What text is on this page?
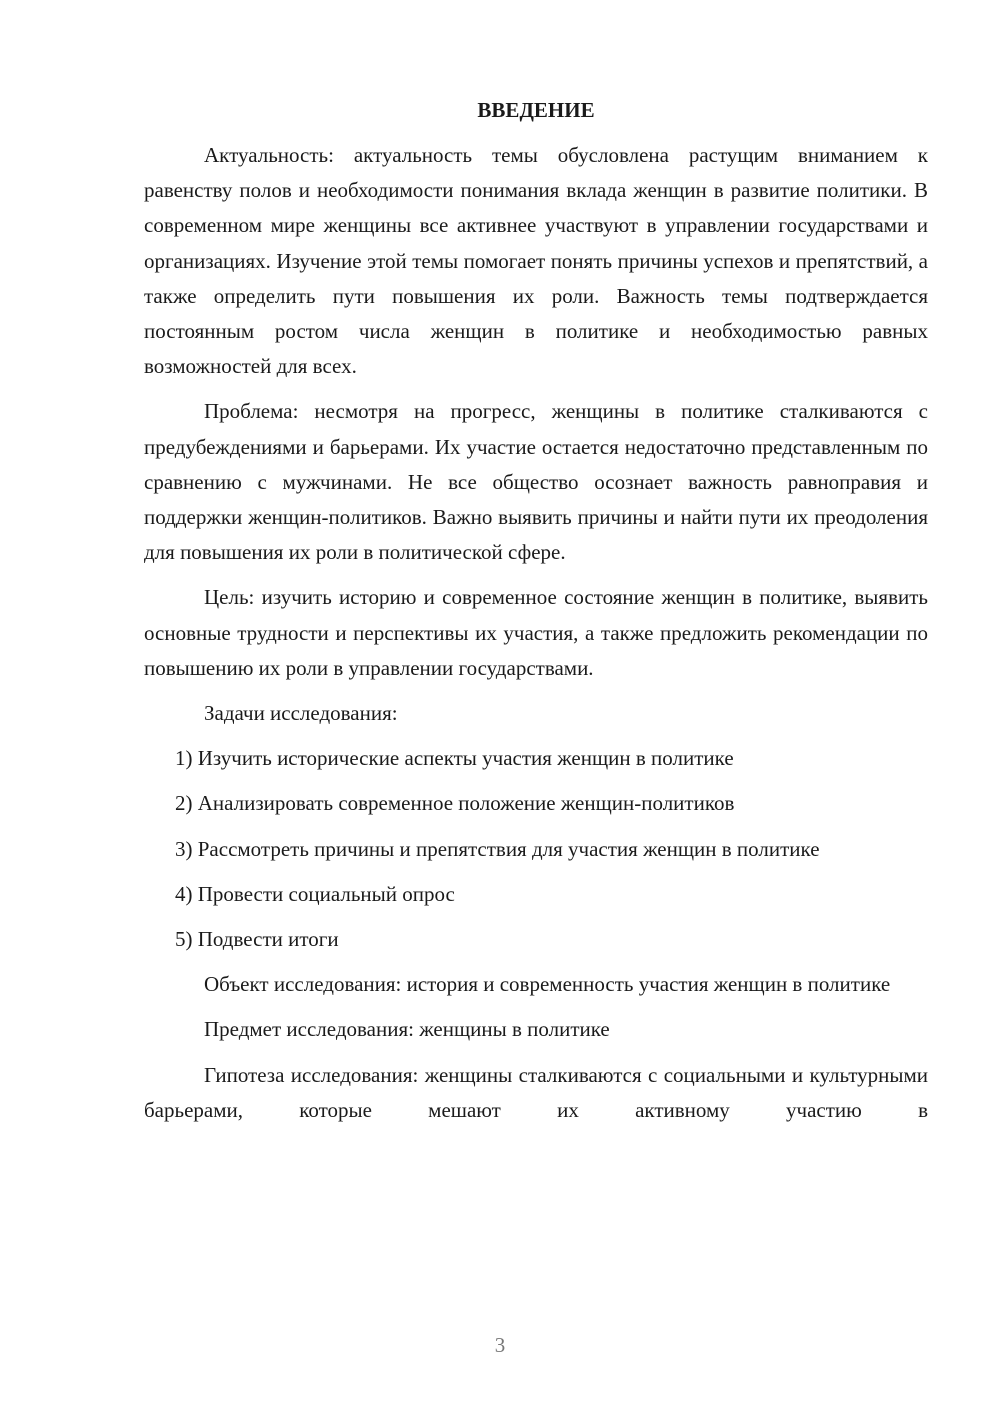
ВВЕДЕНИЕ

Актуальность: актуальность темы обусловлена растущим вниманием к равенству полов и необходимости понимания вклада женщин в развитие политики. В современном мире женщины все активнее участвуют в управлении государствами и организациях. Изучение этой темы помогает понять причины успехов и препятствий, а также определить пути повышения их роли. Важность темы подтверждается постоянным ростом числа женщин в политике и необходимостью равных возможностей для всех.

Проблема: несмотря на прогресс, женщины в политике сталкиваются с предубеждениями и барьерами. Их участие остается недостаточно представленным по сравнению с мужчинами. Не все общество осознает важность равноправия и поддержки женщин-политиков. Важно выявить причины и найти пути их преодоления для повышения их роли в политической сфере.

Цель: изучить историю и современное состояние женщин в политике, выявить основные трудности и перспективы их участия, а также предложить рекомендации по повышению их роли в управлении государствами.

Задачи исследования:

1) Изучить исторические аспекты участия женщин в политике

2) Анализировать современное положение женщин-политиков

3) Рассмотреть причины и препятствия для участия женщин в политике

4) Провести социальный опрос

5) Подвести итоги

Объект исследования: история и современность участия женщин в политике

Предмет исследования: женщины в политике

Гипотеза исследования: женщины сталкиваются с социальными и культурными барьерами, которые мешают их активному участию в

3
